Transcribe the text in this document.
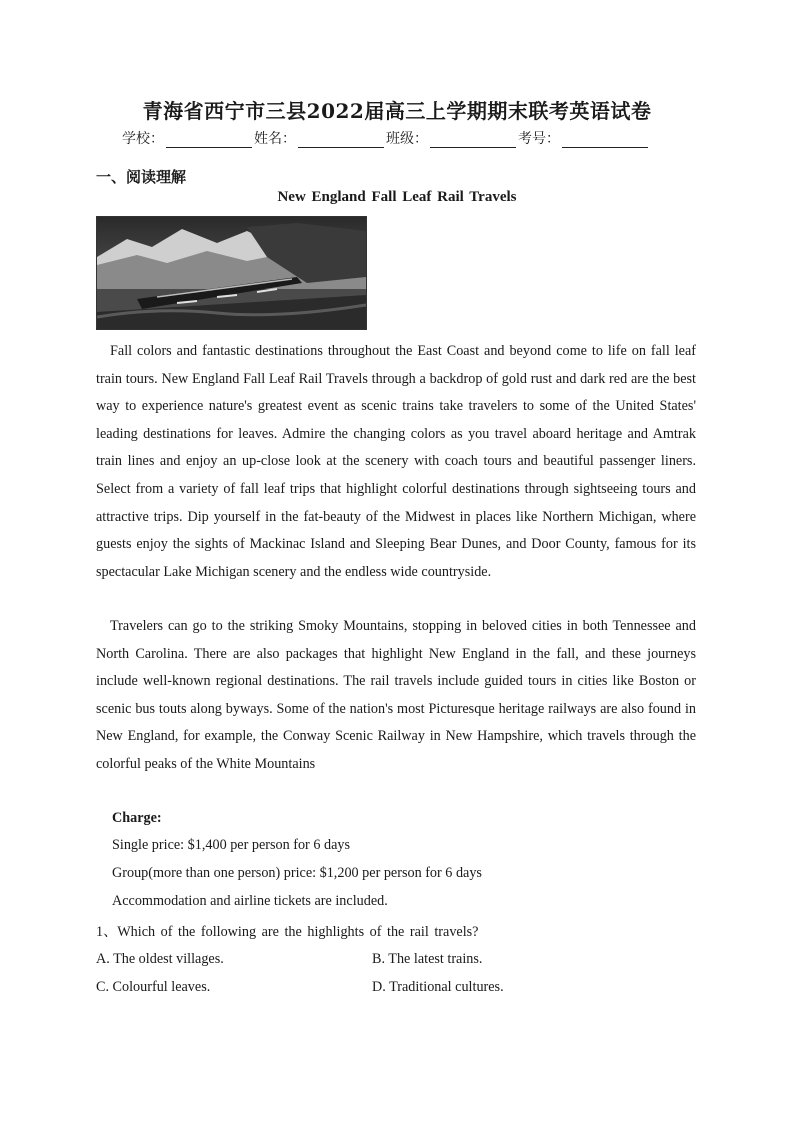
青海省西宁市三县2022届高三上学期期末联考英语试卷
学校：	姓名：	班级：	考号：
一、阅读理解
New England Fall Leaf Rail Travels
Fall colors and fantastic destinations throughout the East Coast and beyond come to life on fall leaf train tours. New England Fall Leaf Rail Travels through a backdrop of gold rust and dark red are the best way to experience nature's greatest event as scenic trains take travelers to some of the United States' leading destinations for leaves. Admire the changing colors as you travel aboard heritage and Amtrak train lines and enjoy an up-close look at the scenery with coach tours and beautiful passenger liners. Select from a variety of fall leaf trips that highlight colorful destinations through sightseeing tours and attractive trips. Dip yourself in the fat-beauty of the Midwest in places like Northern Michigan, where guests enjoy the sights of Mackinac Island and Sleeping Bear Dunes, and Door County, famous for its spectacular Lake Michigan scenery and the endless wide countryside.
Travelers can go to the striking Smoky Mountains, stopping in beloved cities in both Tennessee and North Carolina. There are also packages that highlight New England in the fall, and these journeys include well-known regional destinations. The rail travels include guided tours in cities like Boston or scenic bus touts along byways. Some of the nation's most Picturesque heritage railways are also found in New England, for example, the Conway Scenic Railway in New Hampshire, which travels through the colorful peaks of the White Mountains
Charge:
Single price: $1,400 per person for 6 days
Group(more than one person) price: $1,200 per person for 6 days
Accommodation and airline tickets are included.
1、Which of the following are the highlights of the rail travels?
A. The oldest villages.	B. The latest trains.
C. Colourful leaves.	D. Traditional cultures.
